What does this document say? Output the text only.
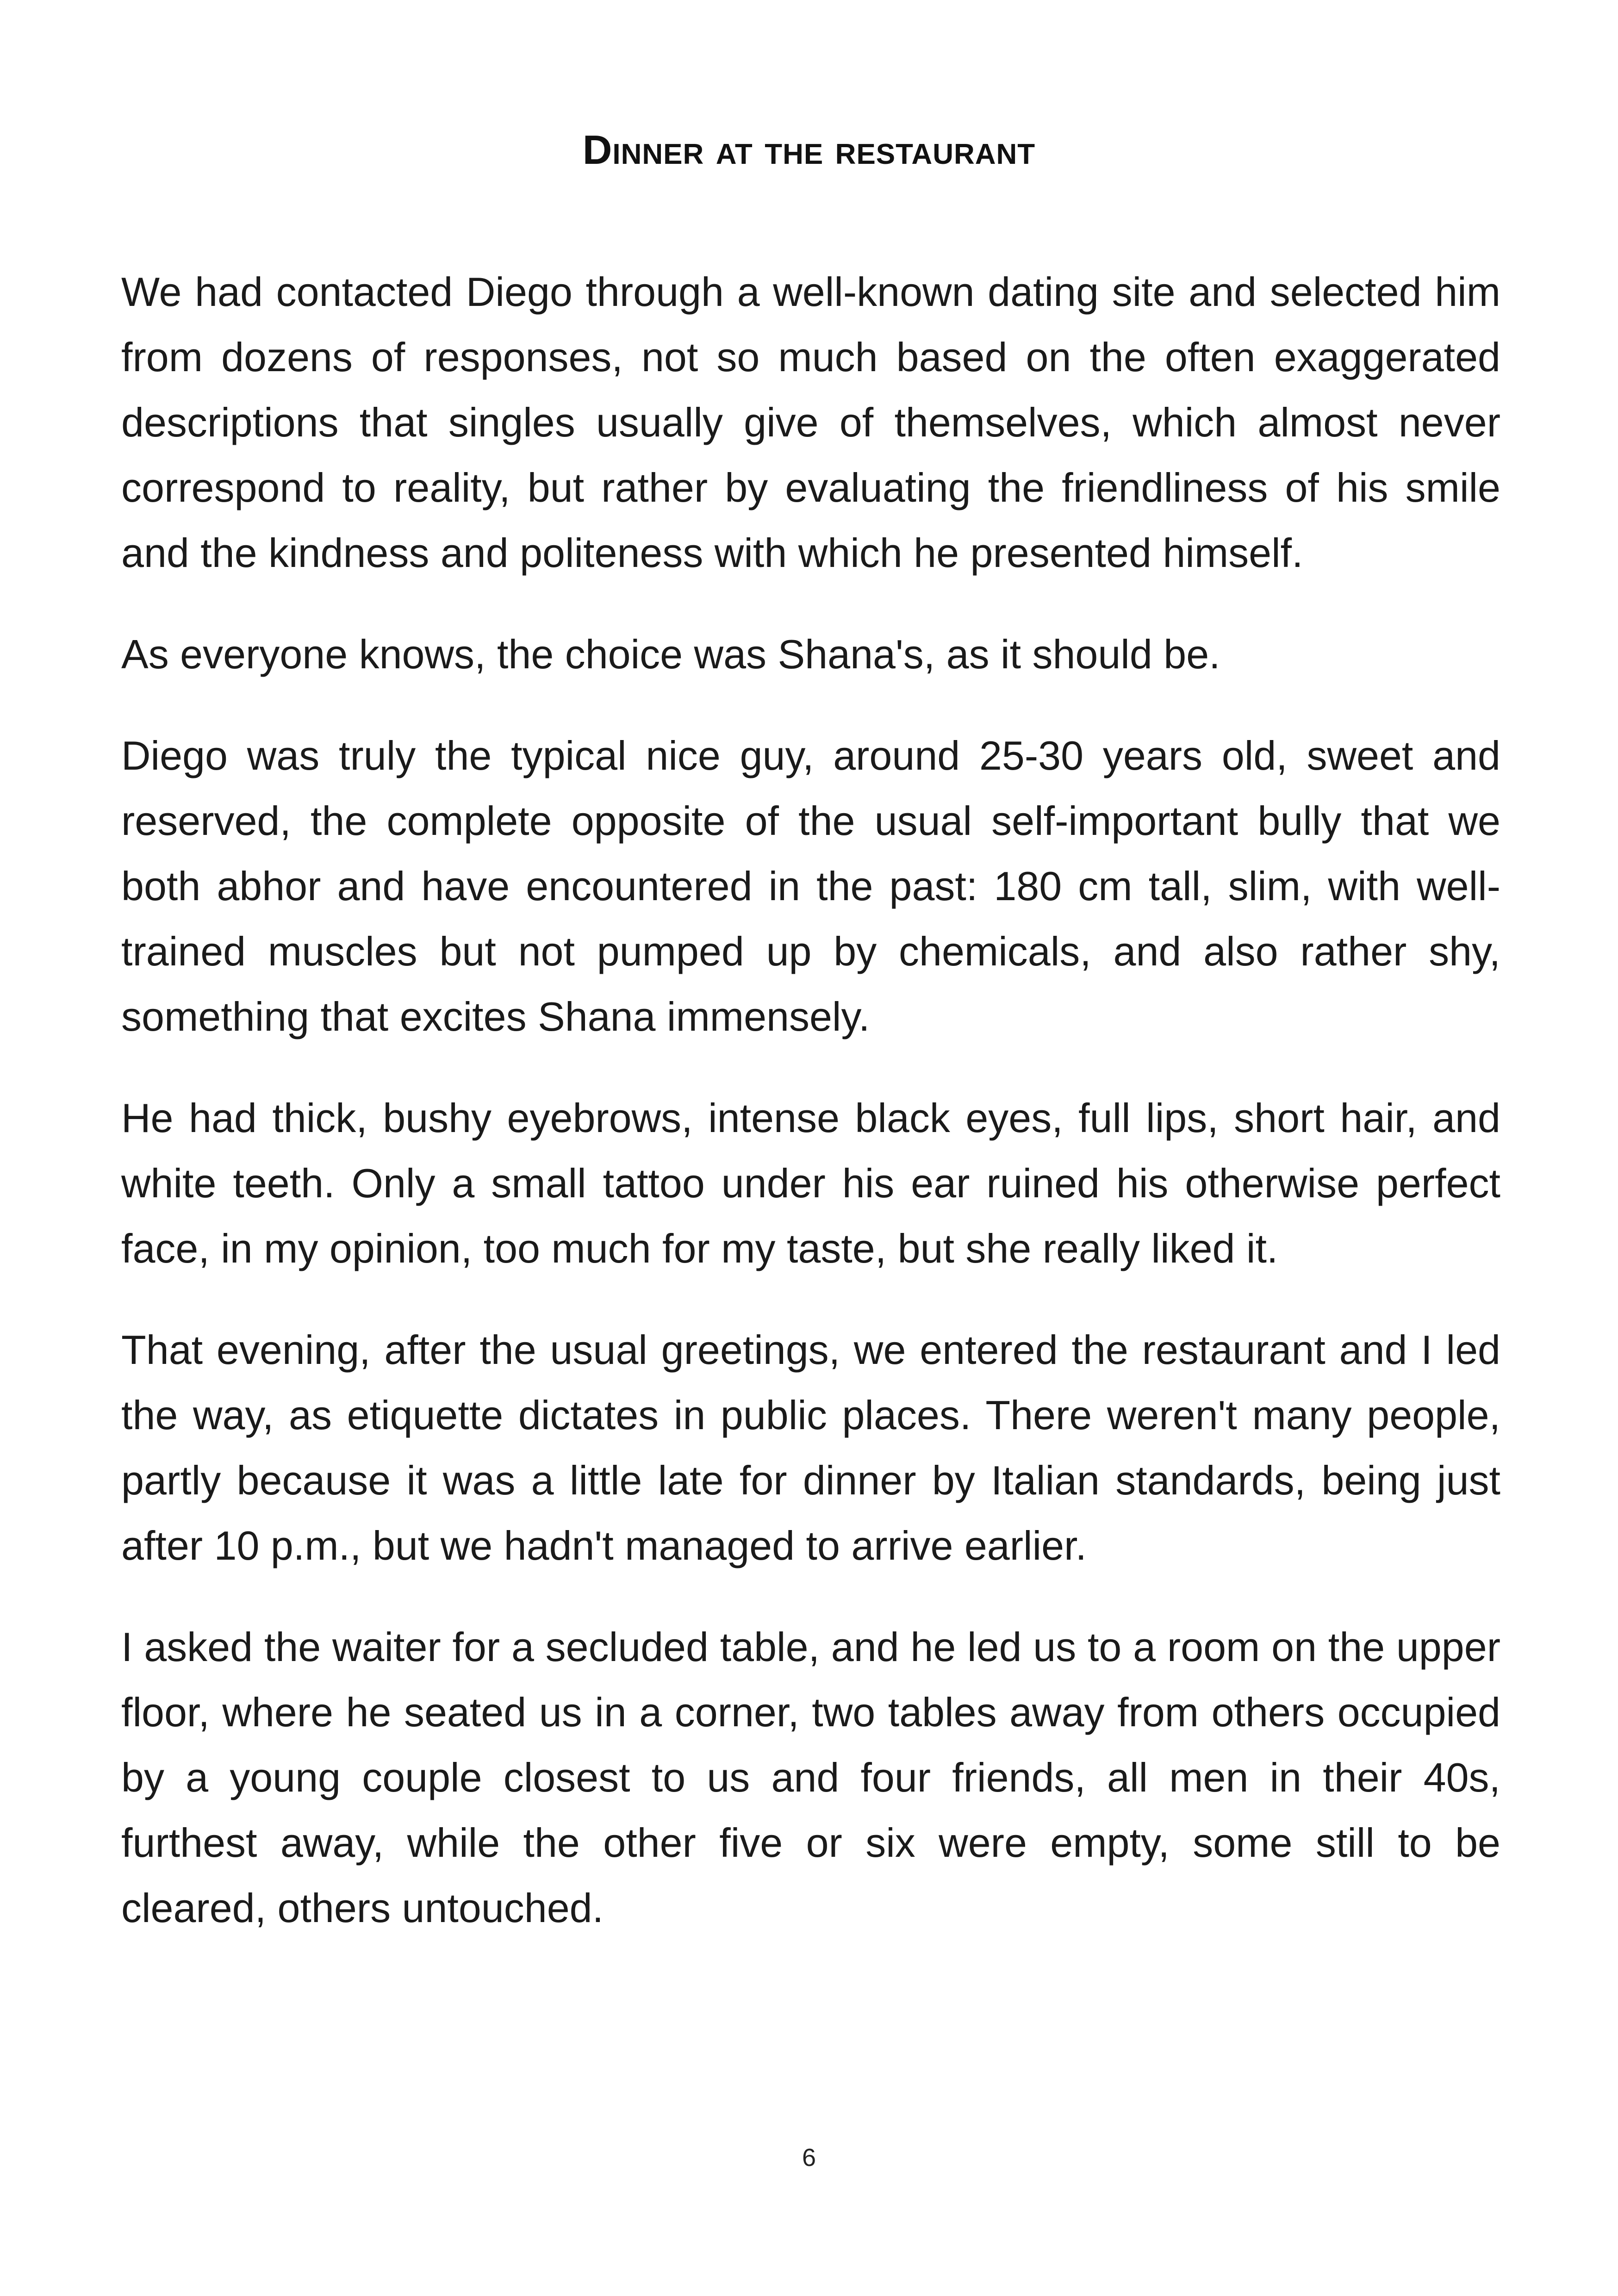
Dinner at the restaurant

We had contacted Diego through a well-known dating site and selected him from dozens of responses, not so much based on the often exaggerated descriptions that singles usually give of themselves, which almost never correspond to reality, but rather by evaluating the friendliness of his smile and the kindness and politeness with which he presented himself.

As everyone knows, the choice was Shana's, as it should be.

Diego was truly the typical nice guy, around 25-30 years old, sweet and reserved, the complete opposite of the usual self-important bully that we both abhor and have encountered in the past: 180 cm tall, slim, with well-trained muscles but not pumped up by chemicals, and also rather shy, something that excites Shana immensely.

He had thick, bushy eyebrows, intense black eyes, full lips, short hair, and white teeth. Only a small tattoo under his ear ruined his otherwise perfect face, in my opinion, too much for my taste, but she really liked it.

That evening, after the usual greetings, we entered the restaurant and I led the way, as etiquette dictates in public places. There weren't many people, partly because it was a little late for dinner by Italian standards, being just after 10 p.m., but we hadn't managed to arrive earlier.

I asked the waiter for a secluded table, and he led us to a room on the upper floor, where he seated us in a corner, two tables away from others occupied by a young couple closest to us and four friends, all men in their 40s, furthest away, while the other five or six were empty, some still to be cleared, others untouched.

6
